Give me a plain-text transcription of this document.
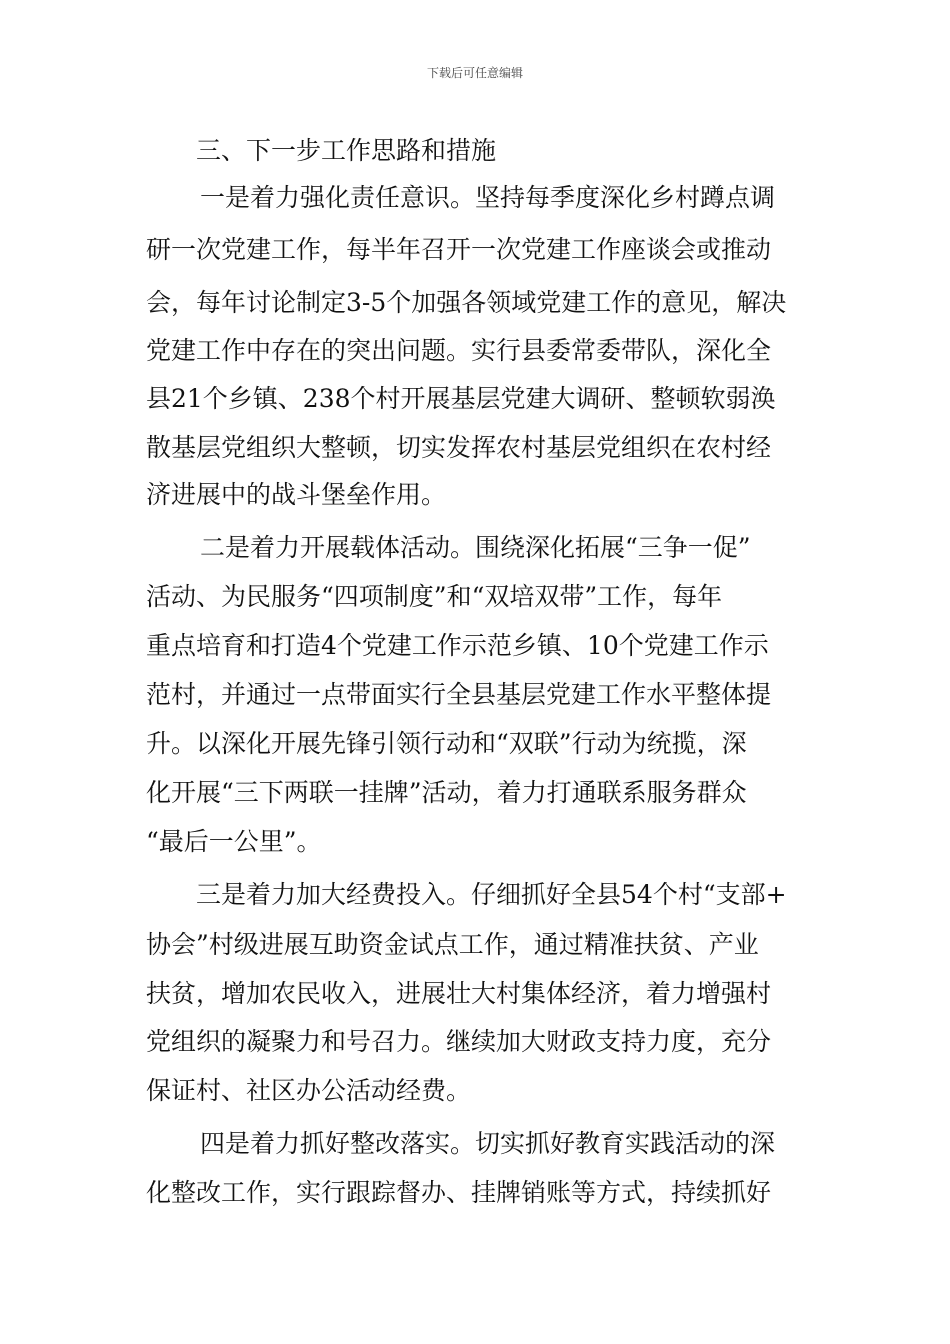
下载后可任意编辑
三、下一步工作思路和措施
一是着力强化责任意识。坚持每季度深化乡村蹲点调
研一次党建工作，每半年召开一次党建工作座谈会或推动
会，每年讨论制定3-5个加强各领域党建工作的意见，解决
党建工作中存在的突出问题。实行县委常委带队，深化全
县21个乡镇、238个村开展基层党建大调研、整顿软弱涣
散基层党组织大整顿，切实发挥农村基层党组织在农村经
济进展中的战斗堡垒作用。
二是着力开展载体活动。围绕深化拓展“三争一促”
活动、为民服务“四项制度”和“双培双带”工作，每年
重点培育和打造4个党建工作示范乡镇、10个党建工作示
范村，并通过一点带面实行全县基层党建工作水平整体提
升。以深化开展先锋引领行动和“双联”行动为统揽，深
化开展“三下两联一挂牌”活动，着力打通联系服务群众
“最后一公里”。
三是着力加大经费投入。仔细抓好全县54个村“支部+
协会”村级进展互助资金试点工作，通过精准扶贫、产业
扶贫，增加农民收入，进展壮大村集体经济，着力增强村
党组织的凝聚力和号召力。继续加大财政支持力度，充分
保证村、社区办公活动经费。
四是着力抓好整改落实。切实抓好教育实践活动的深
化整改工作，实行跟踪督办、挂牌销账等方式，持续抓好
